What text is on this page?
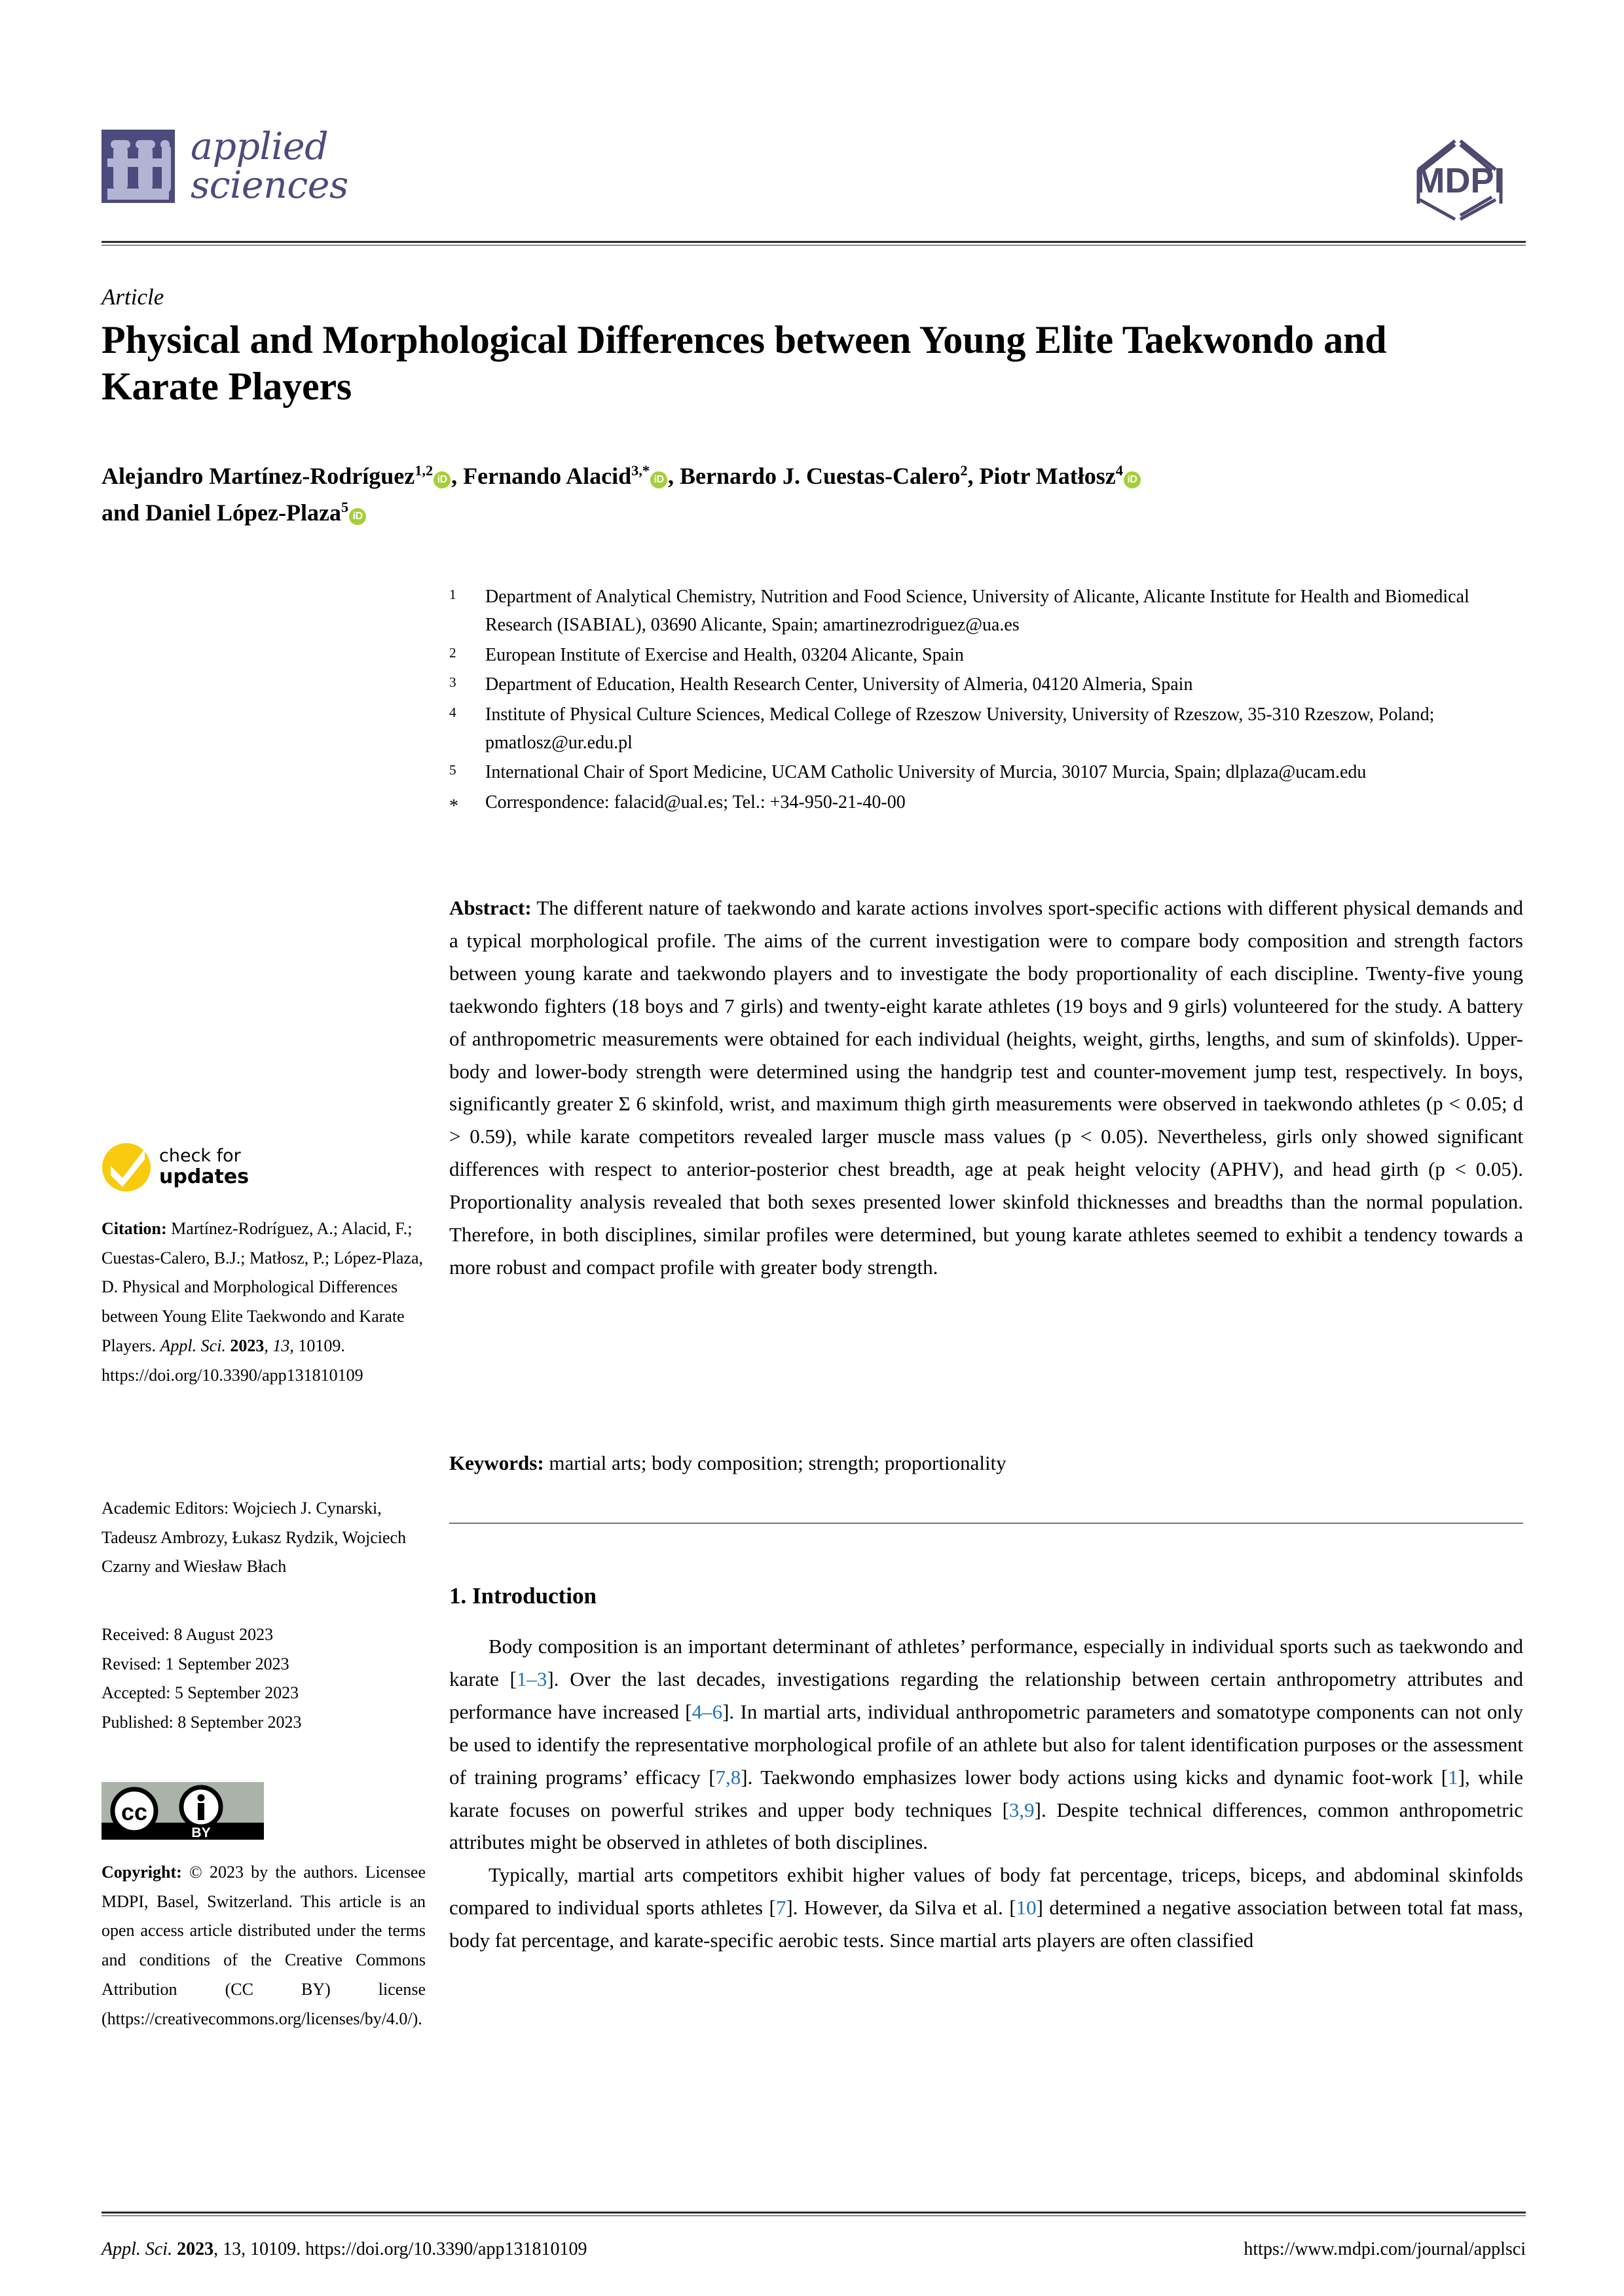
applied
sciences	MDPI
Article
Physical and Morphological Differences between Young Elite Taekwondo and Karate Players
Alejandro Martínez-Rodríguez$^{1,2}$iD , Fernando Alacid$^{3,*}$iD , Bernardo J. Cuestas-Calero$^2$, Piotr Matłosz$^4$iD
and Daniel López-Plaza$^5$iD
1	Department of Analytical Chemistry, Nutrition and Food Science, University of Alicante, Alicante Institute for Health and Biomedical Research (ISABIAL), 03690 Alicante, Spain; amartinezrodriguez@ua.es
2	European Institute of Exercise and Health, 03204 Alicante, Spain
3	Department of Education, Health Research Center, University of Almeria, 04120 Almeria, Spain
4	Institute of Physical Culture Sciences, Medical College of Rzeszow University, University of Rzeszow, 35-310 Rzeszow, Poland; pmatlosz@ur.edu.pl
5	International Chair of Sport Medicine, UCAM Catholic University of Murcia, 30107 Murcia, Spain; dlplaza@ucam.edu
*	Correspondence: falacid@ual.es; Tel.: +34-950-21-40-00
Abstract: The different nature of taekwondo and karate actions involves sport-specific actions with different physical demands and a typical morphological profile. The aims of the current investigation were to compare body composition and strength factors between young karate and taekwondo players and to investigate the body proportionality of each discipline. Twenty-five young taekwondo fighters (18 boys and 7 girls) and twenty-eight karate athletes (19 boys and 9 girls) volunteered for the study. A battery of anthropometric measurements were obtained for each individual (heights, weight, girths, lengths, and sum of skinfolds). Upper-body and lower-body strength were determined using the handgrip test and counter-movement jump test, respectively. In boys, significantly greater Σ 6 skinfold, wrist, and maximum thigh girth measurements were observed in taekwondo athletes (p < 0.05; d > 0.59), while karate competitors revealed larger muscle mass values (p < 0.05). Nevertheless, girls only showed significant differences with respect to anterior-posterior chest breadth, age at peak height velocity (APHV), and head girth (p < 0.05). Proportionality analysis revealed that both sexes presented lower skinfold thicknesses and breadths than the normal population. Therefore, in both disciplines, similar profiles were determined, but young karate athletes seemed to exhibit a tendency towards a more robust and compact profile with greater body strength.
Keywords: martial arts; body composition; strength; proportionality
1. Introduction

Body composition is an important determinant of athletes’ performance, especially in individual sports such as taekwondo and karate [1–3]. Over the last decades, investigations regarding the relationship between certain anthropometry attributes and performance have increased [4–6]. In martial arts, individual anthropometric parameters and somatotype components can not only be used to identify the representative morphological profile of an athlete but also for talent identification purposes or the assessment of training programs’ efficacy [7,8]. Taekwondo emphasizes lower body actions using kicks and dynamic foot-work [1], while karate focuses on powerful strikes and upper body techniques [3,9]. Despite technical differences, common anthropometric attributes might be observed in athletes of both disciplines.

Typically, martial arts competitors exhibit higher values of body fat percentage, triceps, biceps, and abdominal skinfolds compared to individual sports athletes [7]. However, da Silva et al. [10] determined a negative association between total fat mass, body fat percentage, and karate-specific aerobic tests. Since martial arts players are often classified

check for
updates
Citation: Martínez-Rodríguez, A.; Alacid, F.; Cuestas-Calero, B.J.; Matłosz, P.; López-Plaza, D. Physical and Morphological Differences between Young Elite Taekwondo and Karate Players. Appl. Sci. 2023, 13, 10109. https://doi.org/10.3390/app131810109
Academic Editors: Wojciech J. Cynarski, Tadeusz Ambrozy, Łukasz Rydzik, Wojciech Czarny and Wiesław Błach
Received: 8 August 2023
Revised: 1 September 2023
Accepted: 5 September 2023
Published: 8 September 2023
cc
BY
Copyright: © 2023 by the authors. Licensee MDPI, Basel, Switzerland. This article is an open access article distributed under the terms and conditions of the Creative Commons Attribution (CC BY) license (https://creativecommons.org/licenses/by/4.0/).
Appl. Sci. 2023, 13, 10109. https://doi.org/10.3390/app131810109	https://www.mdpi.com/journal/applsci
